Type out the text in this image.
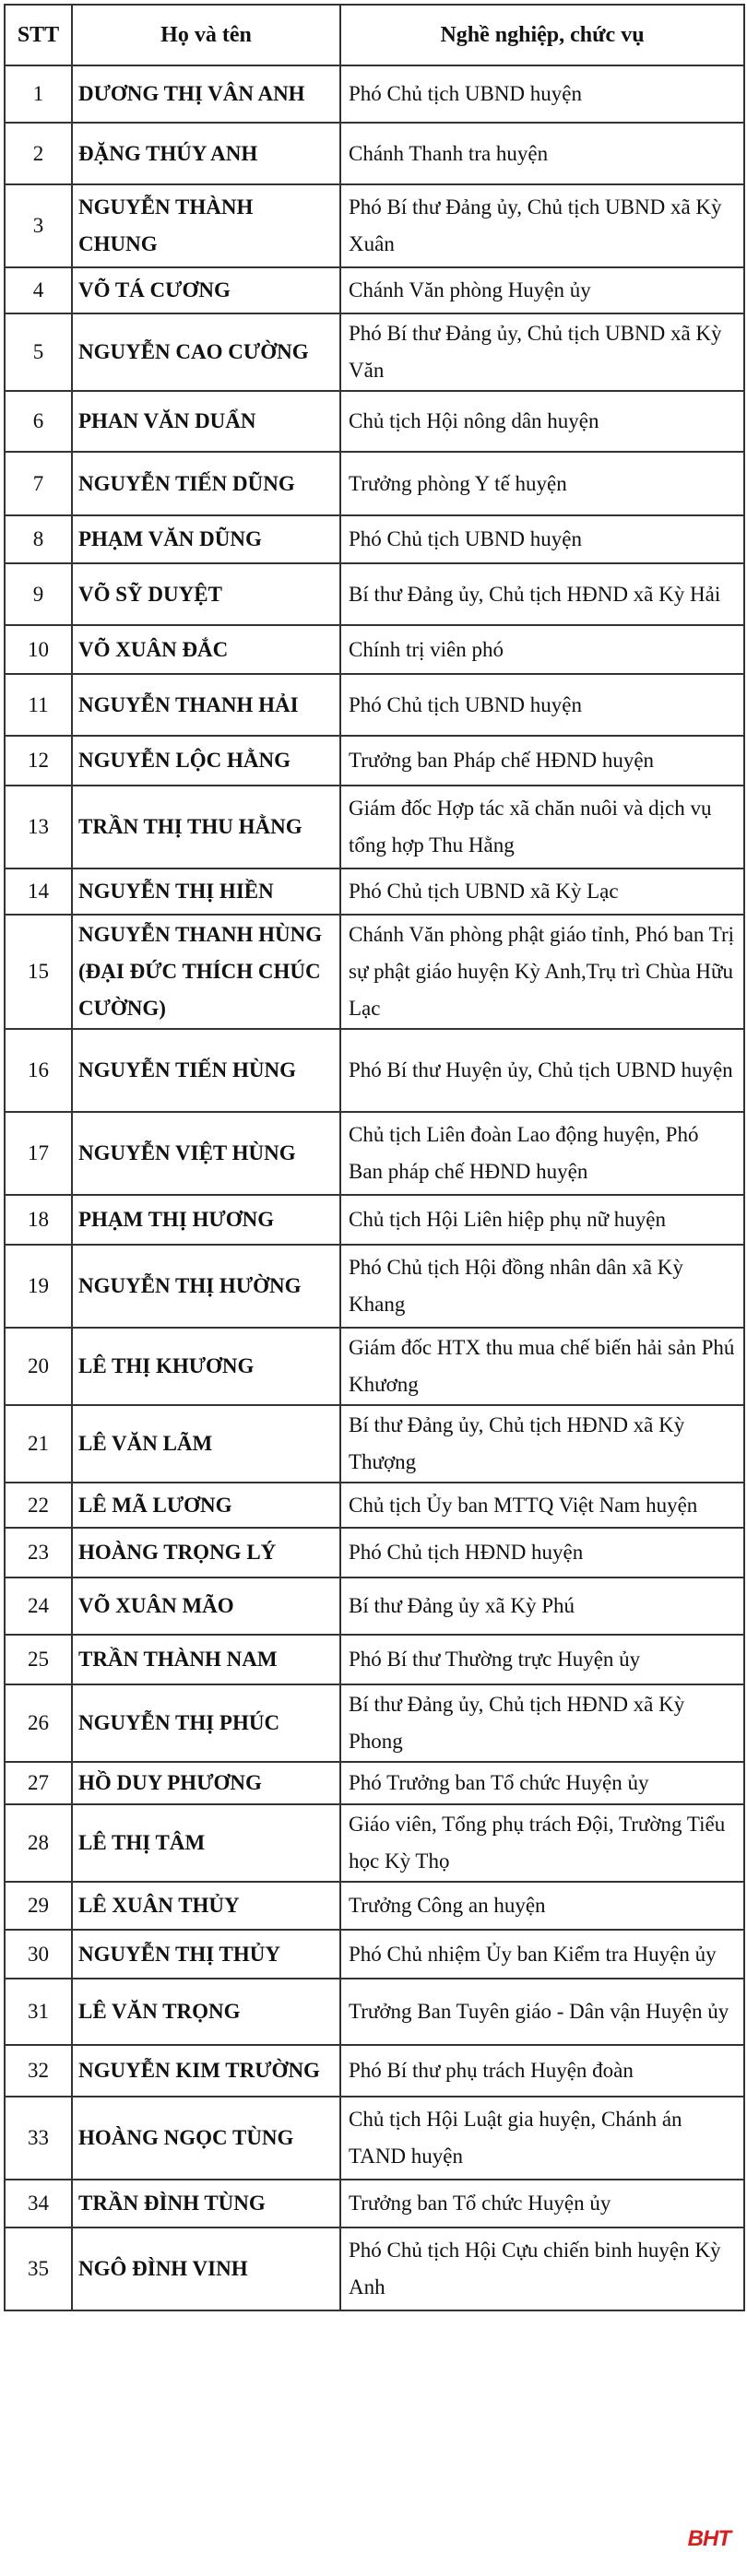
STT	Họ và tên	Nghề nghiệp, chức vụ
1	DƯƠNG THỊ VÂN ANH	Phó Chủ tịch UBND huyện
2	ĐẶNG THÚY ANH	Chánh Thanh tra huyện
3	NGUYỄN THÀNH CHUNG	Phó Bí thư Đảng ủy, Chủ tịch UBND xã Kỳ Xuân
4	VÕ TÁ CƯƠNG	Chánh Văn phòng Huyện ủy
5	NGUYỄN CAO CƯỜNG	Phó Bí thư Đảng ủy, Chủ tịch UBND xã Kỳ Văn
6	PHAN VĂN DUẨN	Chủ tịch Hội nông dân huyện
7	NGUYỄN TIẾN DŨNG	Trưởng phòng Y tế huyện
8	PHẠM VĂN DŨNG	Phó Chủ tịch UBND huyện
9	VÕ SỸ DUYỆT	Bí thư Đảng ủy, Chủ tịch HĐND xã Kỳ Hải
10	VÕ XUÂN ĐẮC	Chính trị viên phó
11	NGUYỄN THANH HẢI	Phó Chủ tịch UBND huyện
12	NGUYỄN LỘC HẰNG	Trưởng ban Pháp chế HĐND huyện
13	TRẦN THỊ THU HẰNG	Giám đốc Hợp tác xã chăn nuôi và dịch vụ tổng hợp Thu Hằng
14	NGUYỄN THỊ HIỀN	Phó Chủ tịch UBND xã Kỳ Lạc
15	NGUYỄN THANH HÙNG (ĐẠI ĐỨC THÍCH CHÚC CƯỜNG)	Chánh Văn phòng phật giáo tỉnh, Phó ban Trị sự phật giáo huyện Kỳ Anh,Trụ trì Chùa Hữu Lạc
16	NGUYỄN TIẾN HÙNG	Phó Bí thư Huyện ủy, Chủ tịch UBND huyện
17	NGUYỄN VIỆT HÙNG	Chủ tịch Liên đoàn Lao động huyện, Phó Ban pháp chế HĐND huyện
18	PHẠM THỊ HƯƠNG	Chủ tịch Hội Liên hiệp phụ nữ huyện
19	NGUYỄN THỊ HƯỜNG	Phó Chủ tịch Hội đồng nhân dân xã Kỳ Khang
20	LÊ THỊ KHƯƠNG	Giám đốc HTX thu mua chế biến hải sản Phú Khương
21	LÊ VĂN LÃM	Bí thư Đảng ủy, Chủ tịch HĐND xã Kỳ Thượng
22	LÊ MÃ LƯƠNG	Chủ tịch Ủy ban MTTQ Việt Nam huyện
23	HOÀNG TRỌNG LÝ	Phó Chủ tịch HĐND huyện
24	VÕ XUÂN MÃO	Bí thư Đảng ủy xã Kỳ Phú
25	TRẦN THÀNH NAM	Phó Bí thư Thường trực Huyện ủy
26	NGUYỄN THỊ PHÚC	Bí thư Đảng ủy, Chủ tịch HĐND xã Kỳ Phong
27	HỒ DUY PHƯƠNG	Phó Trưởng ban Tổ chức Huyện ủy
28	LÊ THỊ TÂM	Giáo viên, Tổng phụ trách Đội, Trường Tiểu học Kỳ Thọ
29	LÊ XUÂN THỦY	Trưởng Công an huyện
30	NGUYỄN THỊ THỦY	Phó Chủ nhiệm Ủy ban Kiểm tra Huyện ủy
31	LÊ VĂN TRỌNG	Trưởng Ban Tuyên giáo - Dân vận Huyện ủy
32	NGUYỄN KIM TRƯỜNG	Phó Bí thư phụ trách Huyện đoàn
33	HOÀNG NGỌC TÙNG	Chủ tịch Hội Luật gia huyện, Chánh án TAND huyện
34	TRẦN ĐÌNH TÙNG	Trưởng ban Tổ chức Huyện ủy
35	NGÔ ĐÌNH VINH	Phó Chủ tịch Hội Cựu chiến binh huyện Kỳ Anh
BHT
